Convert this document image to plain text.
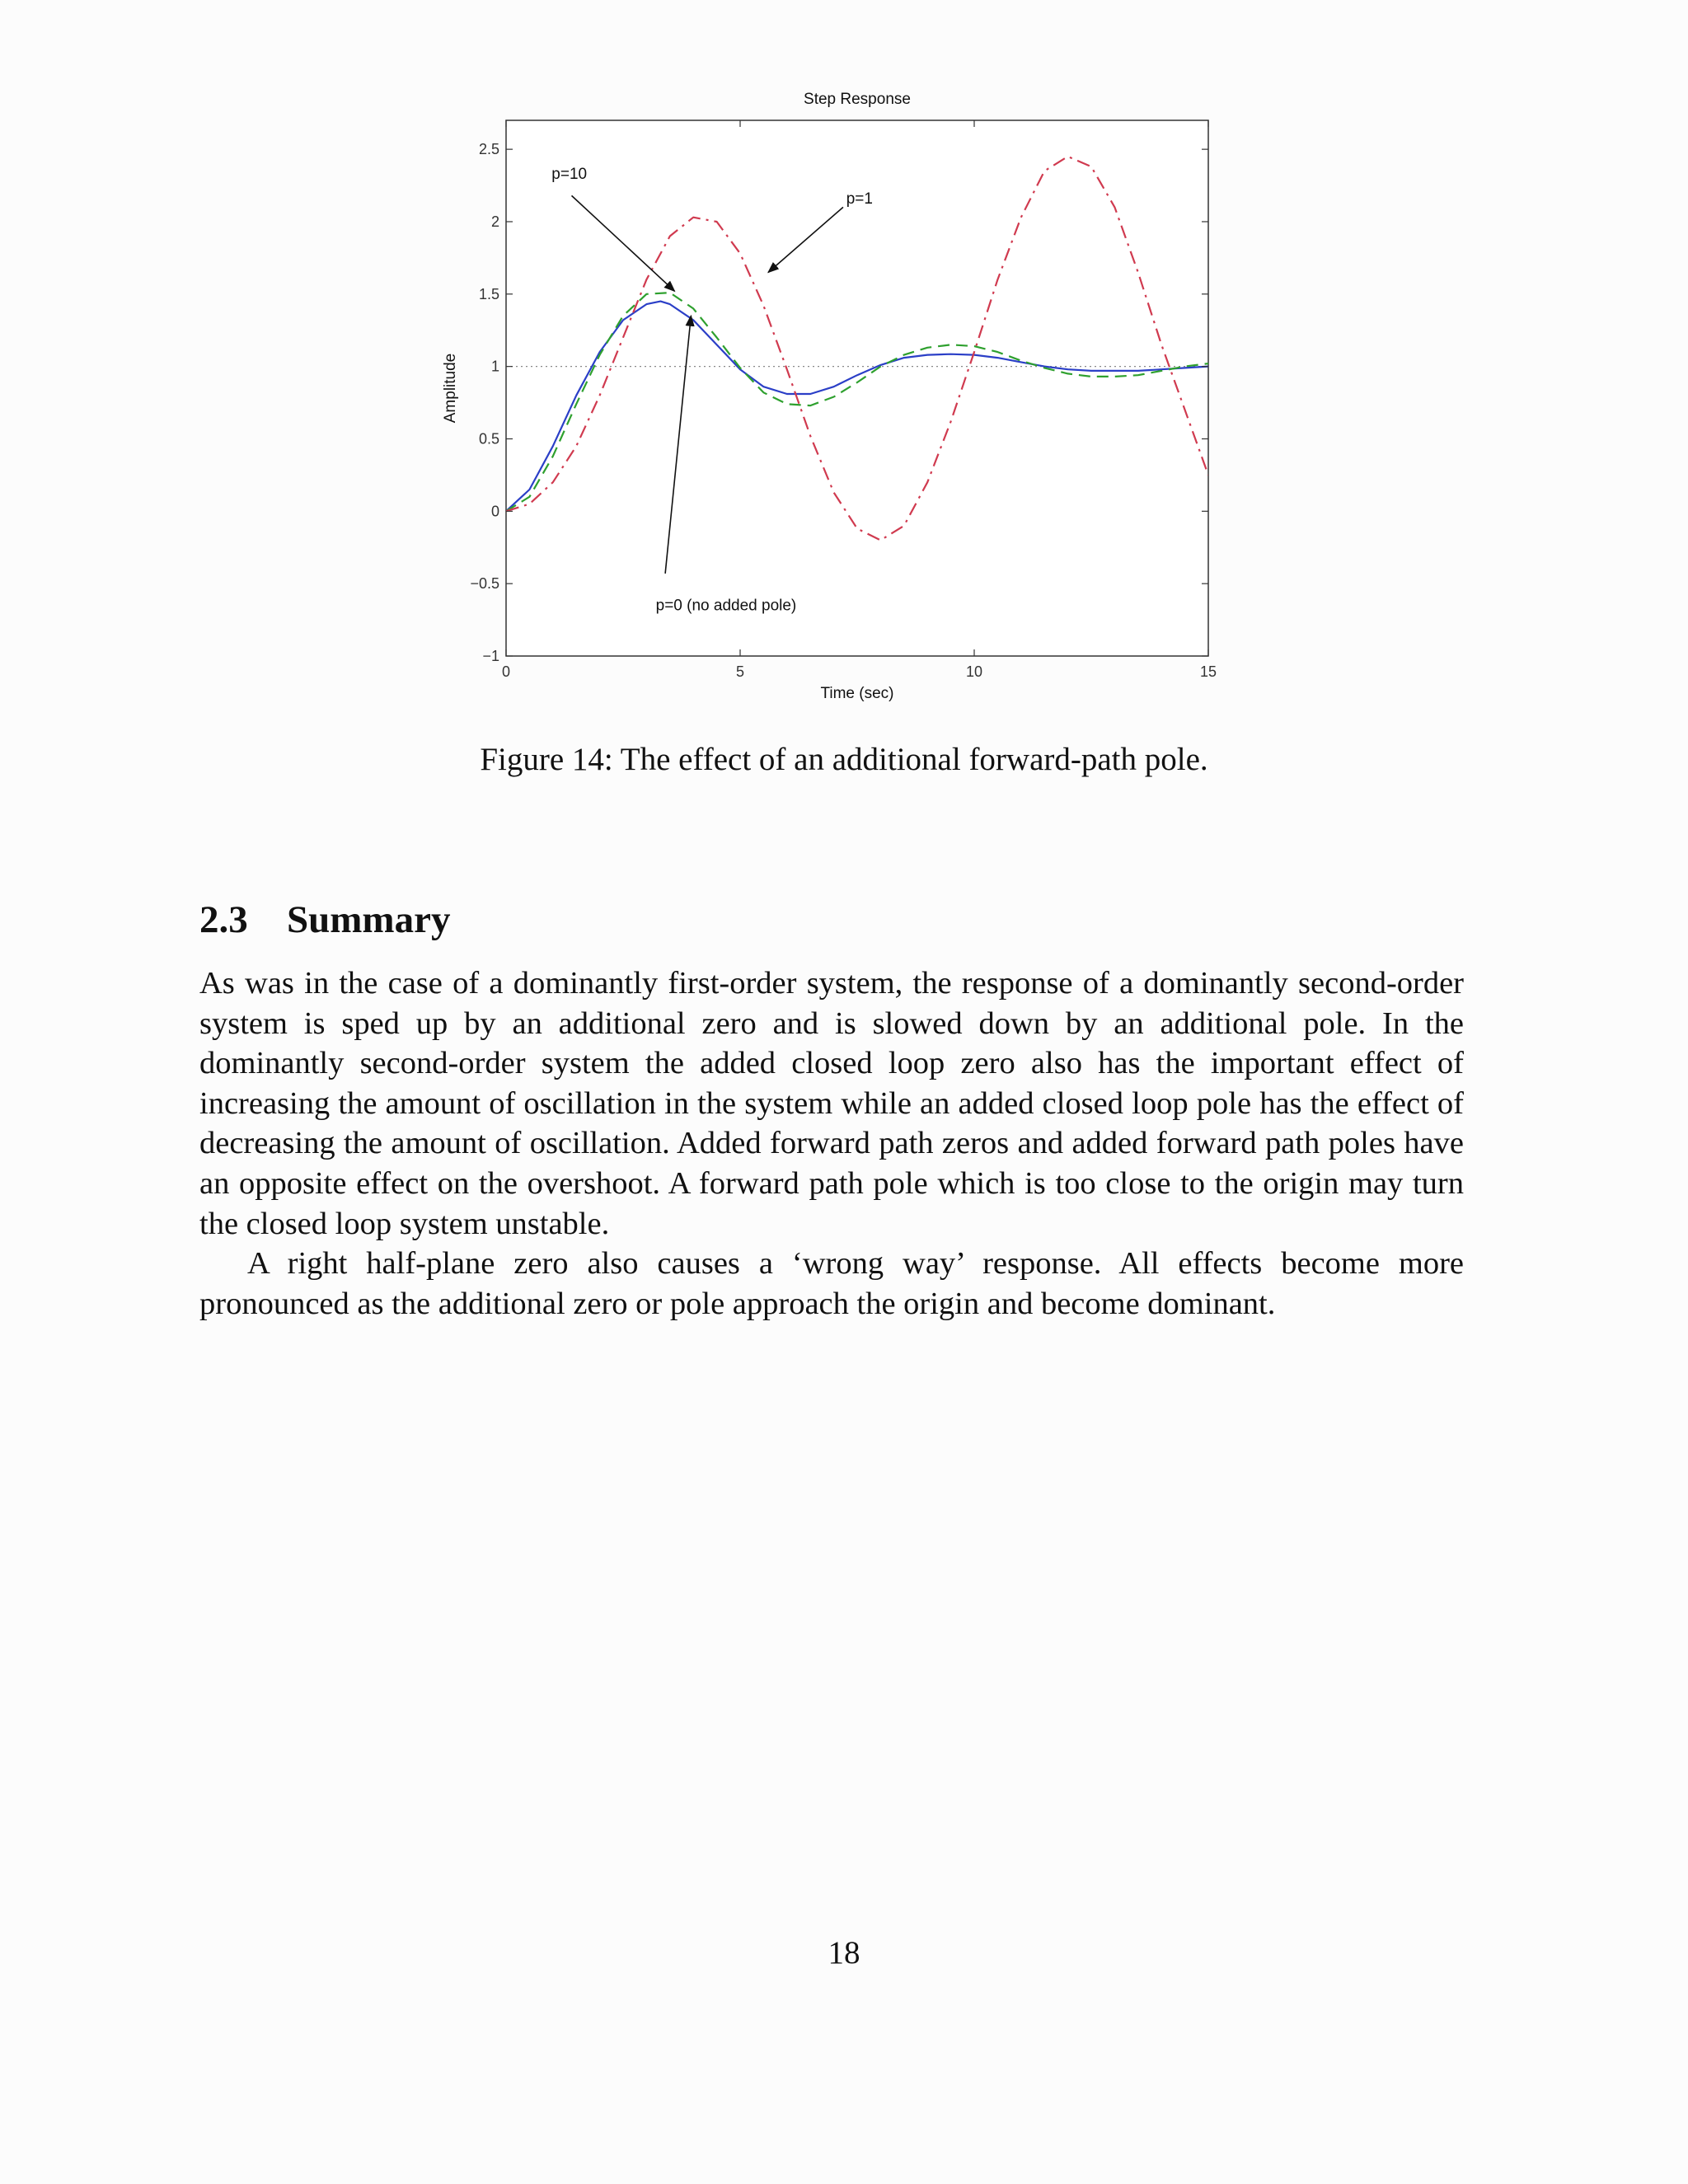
Step Response
Time (sec)
Amplitude
0	5	10	15
−1
−0.5
0
0.5
1
1.5
2
2.5
p=10
p=1
p=0 (no added pole)

Figure 14: The effect of an additional forward-path pole.

2.3 Summary

As was in the case of a dominantly first-order system, the response of a dominantly second-order system is sped up by an additional zero and is slowed down by an additional pole. In the dominantly second-order system the added closed loop zero also has the important effect of increasing the amount of oscillation in the system while an added closed loop pole has the effect of decreasing the amount of oscillation. Added forward path zeros and added forward path poles have an opposite effect on the overshoot. A forward path pole which is too close to the origin may turn the closed loop system unstable.

A right half-plane zero also causes a ‘wrong way’ response. All effects become more pronounced as the additional zero or pole approach the origin and become dominant.

18
